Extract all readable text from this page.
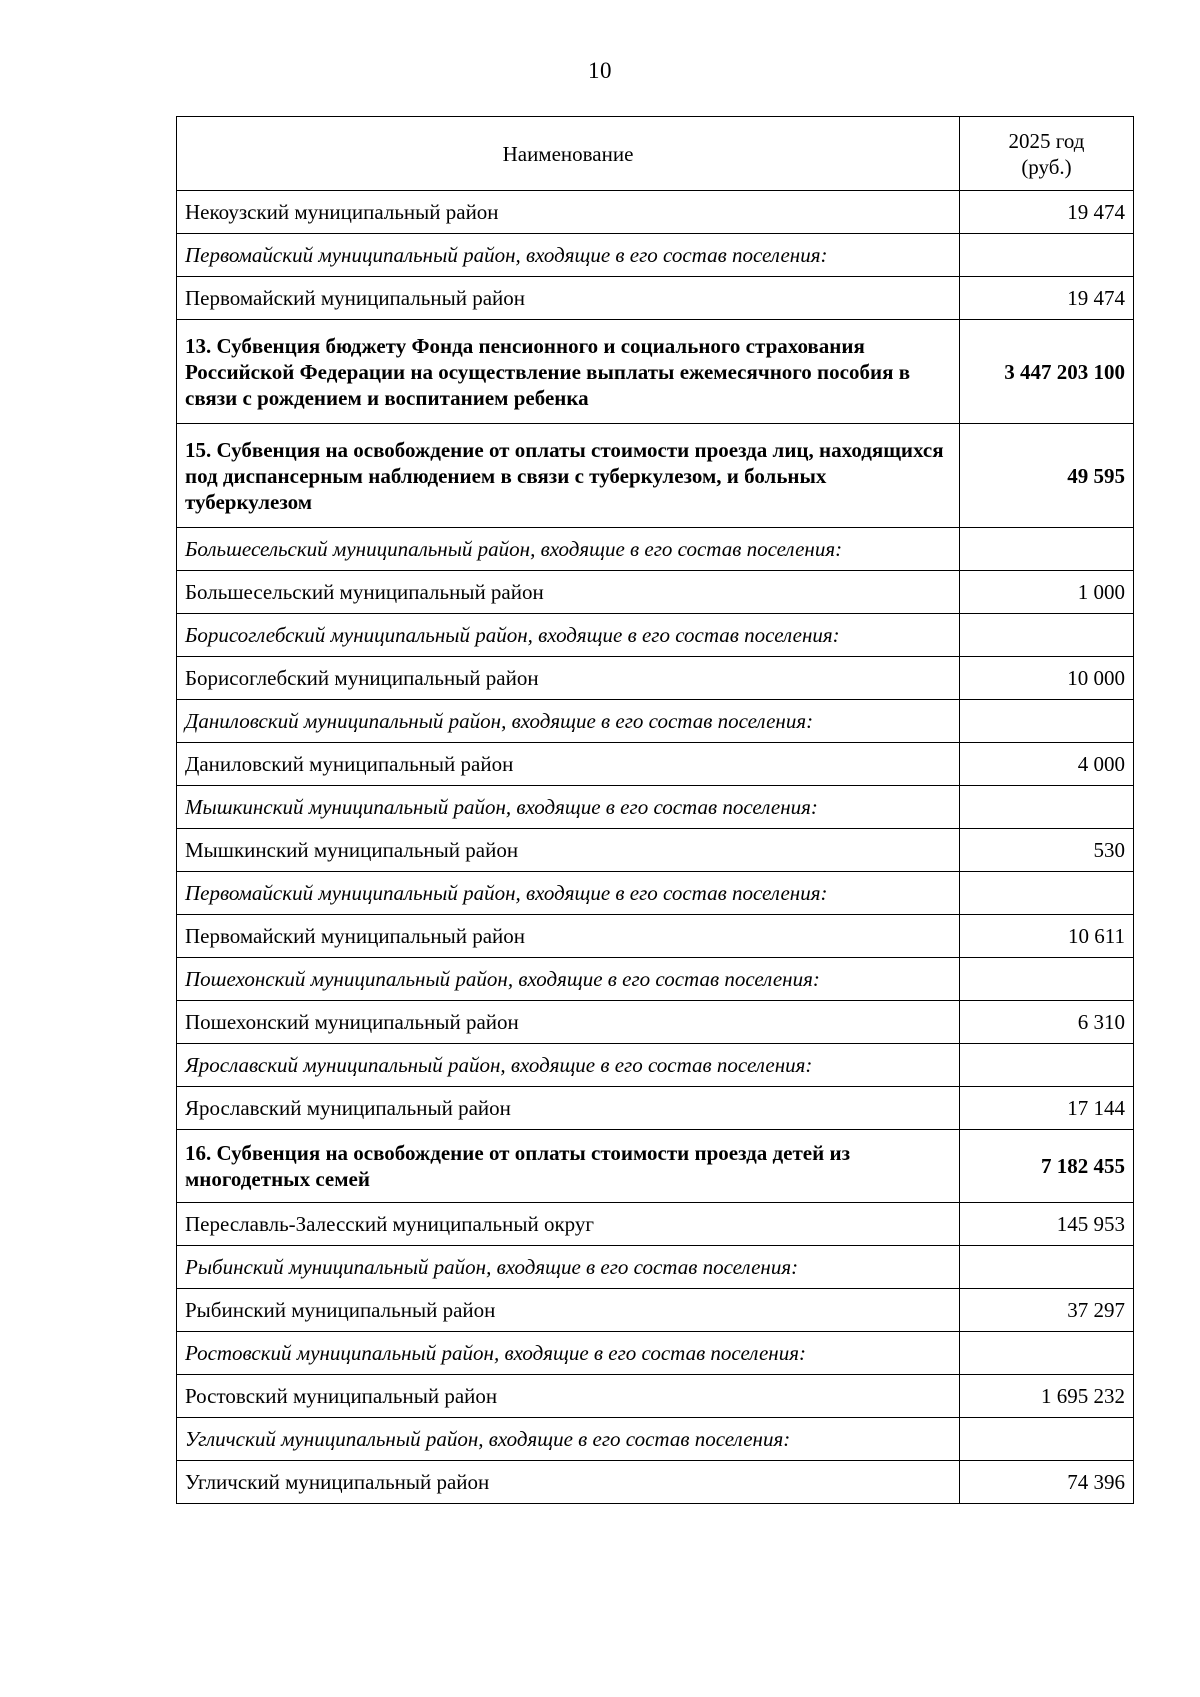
10
Наименование	2025 год
(руб.)

Некоузский муниципальный район	19 474
Первомайский муниципальный район, входящие в его состав поселения:	
Первомайский муниципальный район	19 474
13. Субвенция бюджету Фонда пенсионного и социального страхования Российской Федерации на осуществление выплаты ежемесячного пособия в связи с рождением и воспитанием ребенка	3 447 203 100
15. Субвенция на освобождение от оплаты стоимости проезда лиц, находящихся под диспансерным наблюдением в связи с туберкулезом, и больных туберкулезом	49 595
Большесельский муниципальный район, входящие в его состав поселения:	
Большесельский муниципальный район	1 000
Борисоглебский муниципальный район, входящие в его состав поселения:	
Борисоглебский муниципальный район	10 000
Даниловский муниципальный район, входящие в его состав поселения:	
Даниловский муниципальный район	4 000
Мышкинский муниципальный район, входящие в его состав поселения:	
Мышкинский муниципальный район	530
Первомайский муниципальный район, входящие в его состав поселения:	
Первомайский муниципальный район	10 611
Пошехонский муниципальный район, входящие в его состав поселения:	
Пошехонский муниципальный район	6 310
Ярославский муниципальный район, входящие в его состав поселения:	
Ярославский муниципальный район	17 144
16. Субвенция на освобождение от оплаты стоимости проезда детей из многодетных семей	7 182 455
Переславль-Залесский муниципальный округ	145 953
Рыбинский муниципальный район, входящие в его состав поселения:	
Рыбинский муниципальный район	37 297
Ростовский муниципальный район, входящие в его состав поселения:	
Ростовский муниципальный район	1 695 232
Угличский муниципальный район, входящие в его состав поселения:	
Угличский муниципальный район	74 396
